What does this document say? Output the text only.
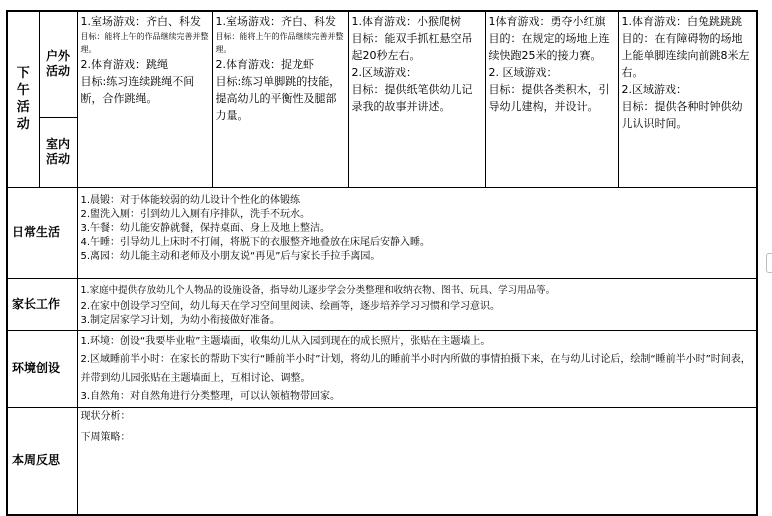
下
午
活
动	户外
活动	1.室场游戏：齐白、科发
目标：能将上午的作品继续完善并整理。
2.体育游戏：跳绳
目标:练习连续跳绳不间断，合作跳绳。	1.室场游戏：齐白、科发
目标：能将上午的作品继续完善并整理。
2.体育游戏：捉龙虾
目标:练习单脚跳的技能，提高幼儿的平衡性及腿部力量。	1.体育游戏：小猴爬树
目标：能双手抓杠悬空吊起20秒左右。
2.区域游戏：
目标：提供纸笔供幼儿记录我的故事并讲述。	1体育游戏：勇夺小红旗
目的：在规定的场地上连续快跑25米的接力赛。
2. 区域游戏：
目标：提供各类积木，引导幼儿建构，并设计。	1.体育游戏：白兔跳跳跳
目的：在有障碍物的场地上能单脚连续向前跳8米左右。
2.区域游戏：
目标：提供各种时钟供幼儿认识时间。

	室内
活动					

日常生活		1.晨锻：对于体能较弱的幼儿设计个性化的体锻练
2.盥洗入厕：引到幼儿入厕有序排队，洗手不玩水。
3.午餐：幼儿能安静就餐，保持桌面、身上及地上整洁。
4.午睡：引导幼儿上床时不打闹，将脱下的衣服整齐地叠放在床尾后安静入睡。
5.离园：幼儿能主动和老师及小朋友说“再见”后与家长手拉手离园。				

家长工作		1.家庭中提供存放幼儿个人物品的设施设备，指导幼儿逐步学会分类整理和收纳衣物、图书、玩具、学习用品等。
2.在家中创设学习空间，幼儿每天在学习空间里阅读、绘画等，逐步培养学习习惯和学习意识。
3.制定居家学习计划，为幼小衔接做好准备。				

环境创设		1.环境：创设“我要毕业啦”主题墙面，收集幼儿从入园到现在的成长照片，张贴在主题墙上。
2.区域睡前半小时：在家长的帮助下实行“睡前半小时”计划，将幼儿的睡前半小时内所做的事情拍摄下来，在与幼儿讨论后，绘制“睡前半小时”时间表，并带到幼儿园张贴在主题墙面上，互相讨论、调整。
3.自然角：对自然角进行分类整理，可以认领植物带回家。				

本周反思		现状分析：
下周策略：				
